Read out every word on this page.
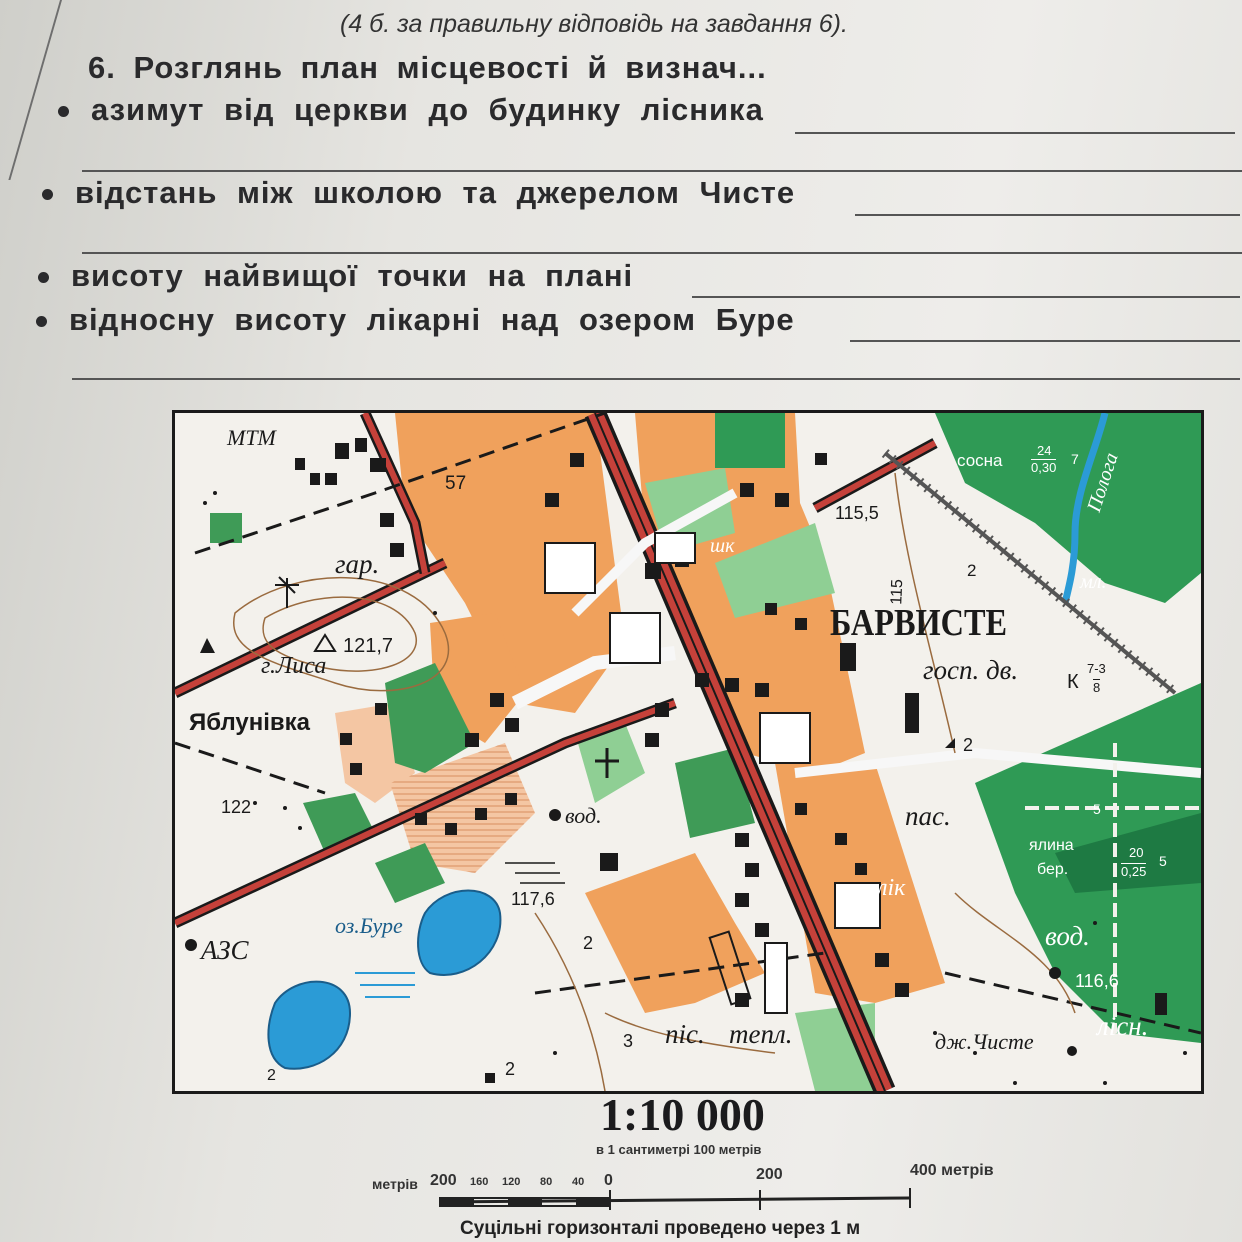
(4 б. за правильну відповідь на завдання 6).
6. Розглянь план місцевості й визнач...
азимут від церкви до будинку лісника
відстань між школою та джерелом Чисте
висоту найвищої точки на плані
відносну висоту лікарні над озером Буре
МТМ
57
115,5
сосна
24
0,30
7 Пологa
мл.
2
115
шк
гар.
121,7
г.Лиса
БАРВИСТЕ
госп. дв. К
7-3
8
Яблунівка
2
122	вод.	пас.
ялина
бер.
20
0,25
5
5
лік
117,6
оз.Буре
АЗС	2	вод.
116,6
лісн.
дж.Чисте
3 пiс. тепл.
2
2
1:10 000
в 1 сантиметрі 100 метрів
метрів 200 160 120 80 40 0	200	400 метрів
Суцільні горизонталі проведено через 1 м
